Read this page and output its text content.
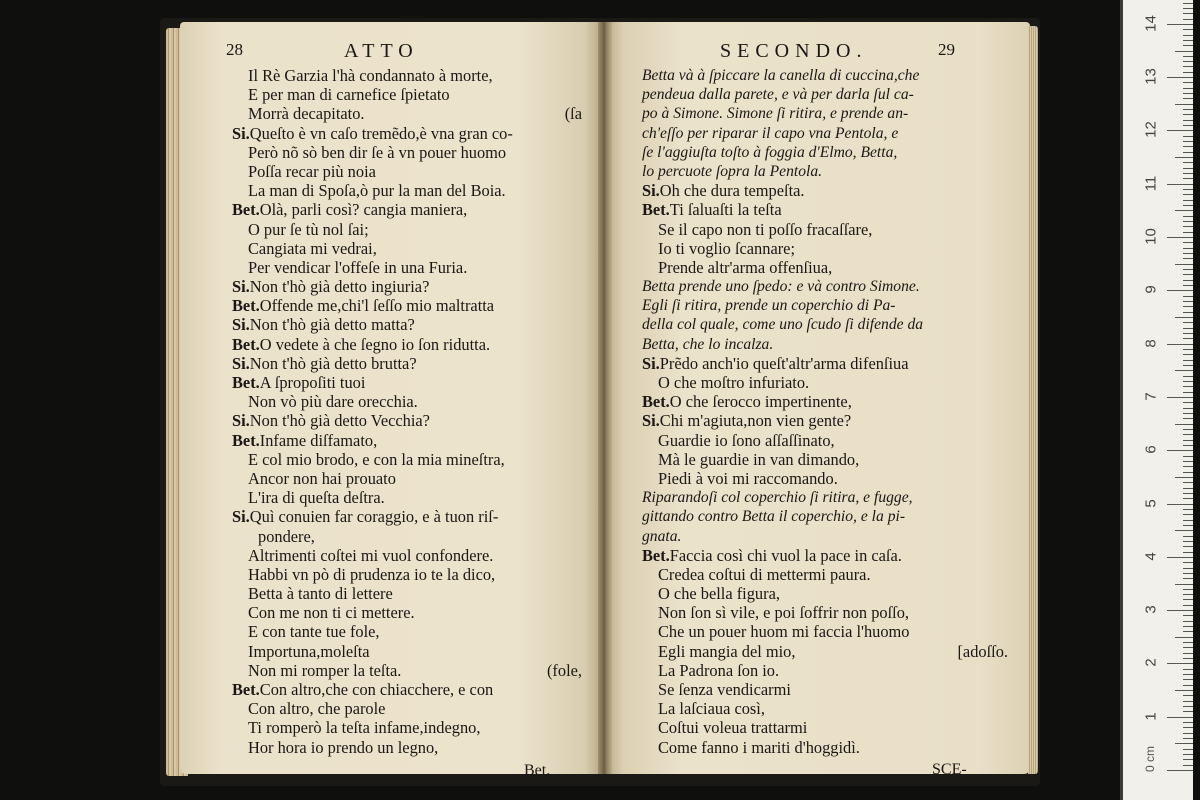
28	ATTO
Il Rè Garzia l'hà condannato à morte,
E per man di carnefice ſpietato
Morrà decapitato.	(ſa
Si.Queſto è vn caſo tremẽdo,è vna gran co-
Però nõ sò ben dir ſe à vn pouer huomo
Poſſa recar più noia
La man di Spoſa,ò pur la man del Boia.
Bet.Olà, parli così? cangia maniera,
O pur ſe tù nol ſai;
Cangiata mi vedrai,
Per vendicar l'offeſe in una Furia.
Si.Non t'hò già detto ingiuria?
Bet.Offende me,chi'l ſeſſo mio maltratta
Si.Non t'hò già detto matta?
Bet.O vedete à che ſegno io ſon ridutta.
Si.Non t'hò già detto brutta?
Bet.A ſpropoſiti tuoi
Non vò più dare orecchia.
Si.Non t'hò già detto Vecchia?
Bet.Infame diſfamato,
E col mio brodo, e con la mia mineſtra,
Ancor non hai prouato
L'ira di queſta deſtra.
Si.Quì conuien far coraggio, e à tuon riſ-
pondere,
Altrimenti coſtei mi vuol confondere.
Habbi vn pò di prudenza io te la dico,
Betta à tanto di lettere
Con me non ti ci mettere.
E con tante tue fole,
Importuna,moleſta
Non mi romper la teſta.	(fole,
Bet.Con altro,che con chiacchere, e con
Con altro, che parole
Ti romperò la teſta infame,indegno,
Hor hora io prendo un legno,
Bet.
SECONDO.	29
Betta và à ſpiccare la canella di cuccina,che
pendeua dalla parete, e và per darla ſul ca-
po à Simone. Simone ſi ritira, e prende an-
ch'eſſo per riparar il capo vna Pentola, e
ſe l'aggiuſta toſto à foggia d'Elmo, Betta,
lo percuote ſopra la Pentola.
Si.Oh che dura tempeſta.
Bet.Ti ſaluaſti la teſta
Se il capo non ti poſſo fracaſſare,
Io ti voglio ſcannare;
Prende altr'arma offenſiua,
Betta prende uno ſpedo: e và contro Simone.
Egli ſi ritira, prende un coperchio di Pa-
della col quale, come uno ſcudo ſi difende da
Betta, che lo incalza.
Si.Prẽdo anch'io queſt'altr'arma difenſiua
O che moſtro infuriato.
Bet.O che ſerocco impertinente,
Si.Chi m'agiuta,non vien gente?
Guardie io ſono aſſaſſinato,
Mà le guardie in van dimando,
Piedi à voi mi raccomando.
Riparandoſi col coperchio ſi ritira, e fugge,
gittando contro Betta il coperchio, e la pi-
gnata.
Bet.Faccia così chi vuol la pace in caſa.
Credea coſtui di mettermi paura.
O che bella figura,
Non ſon sì vile, e poi ſoffrir non poſſo,
Che un pouer huom mi faccia l'huomo
Egli mangia del mio,	[adoſſo.
La Padrona ſon io.
Se ſenza vendicarmi
La laſciaua così,
Coſtui voleua trattarmi
Come fanno i mariti d'hoggidì.
SCE-	0 cm
14
13
12
11
10
9
8
7
6
5
4
3
2
1
